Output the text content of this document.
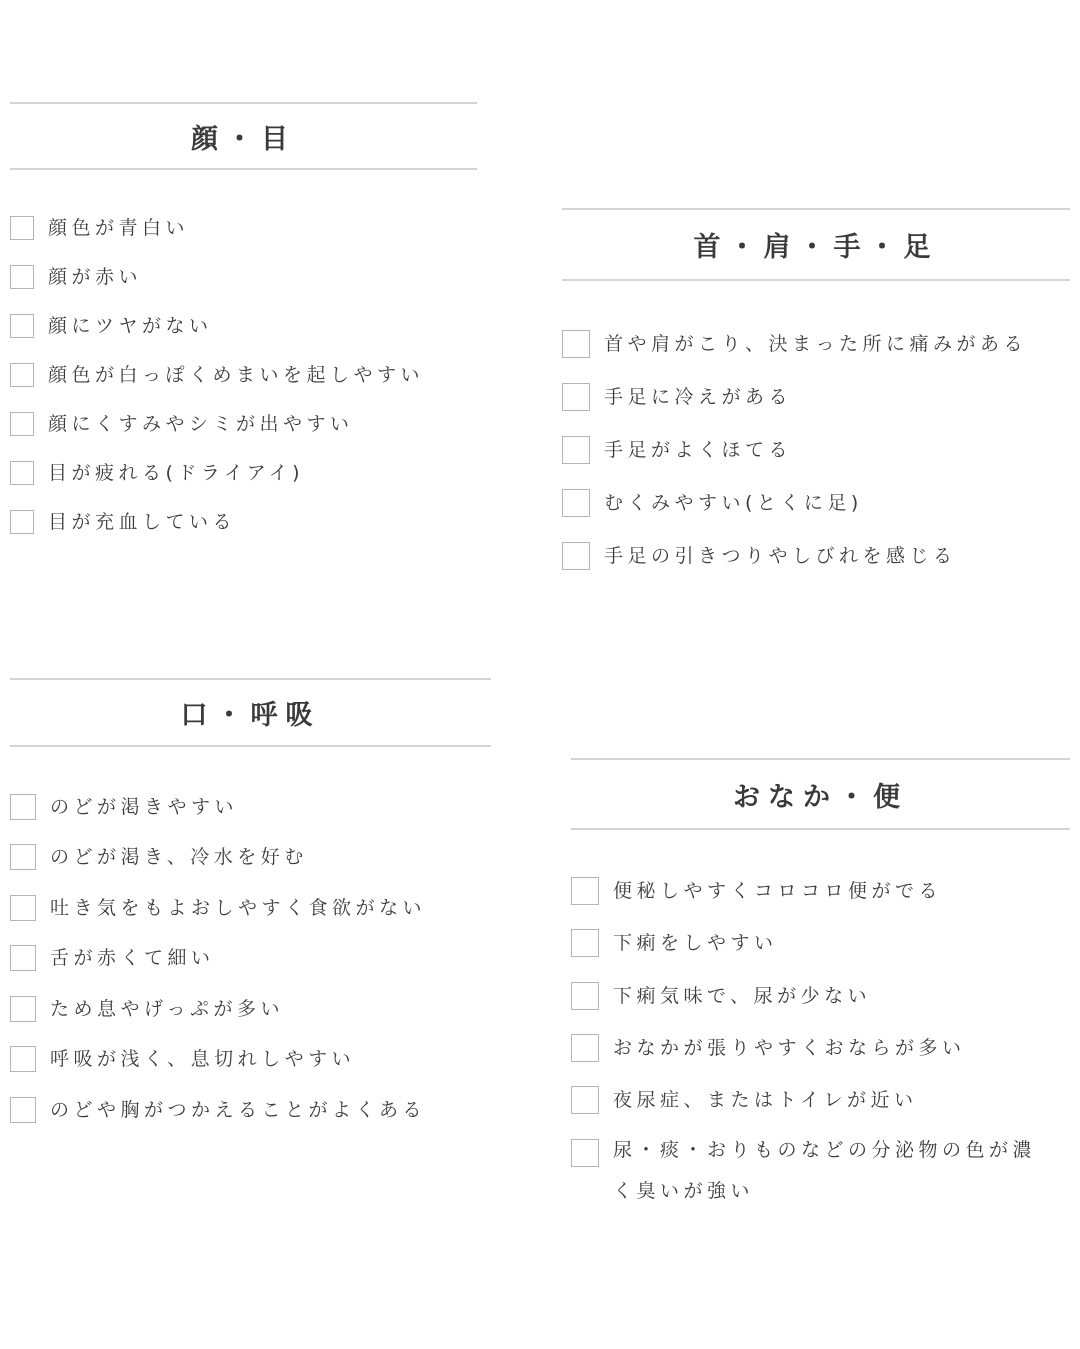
顔・目
顔色が青白い
顔が赤い
顔にツヤがない
顔色が白っぽくめまいを起しやすい
顔にくすみやシミが出やすい
目が疲れる(ドライアイ)
目が充血している
首・肩・手・足
首や肩がこり、決まった所に痛みがある
手足に冷えがある
手足がよくほてる
むくみやすい(とくに足)
手足の引きつりやしびれを感じる
口・呼吸
のどが渇きやすい
のどが渇き、冷水を好む
吐き気をもよおしやすく食欲がない
舌が赤くて細い
ため息やげっぷが多い
呼吸が浅く、息切れしやすい
のどや胸がつかえることがよくある
おなか・便
便秘しやすくコロコロ便がでる
下痢をしやすい
下痢気味で、尿が少ない
おなかが張りやすくおならが多い
夜尿症、またはトイレが近い
尿・痰・おりものなどの分泌物の色が濃く臭いが強い
